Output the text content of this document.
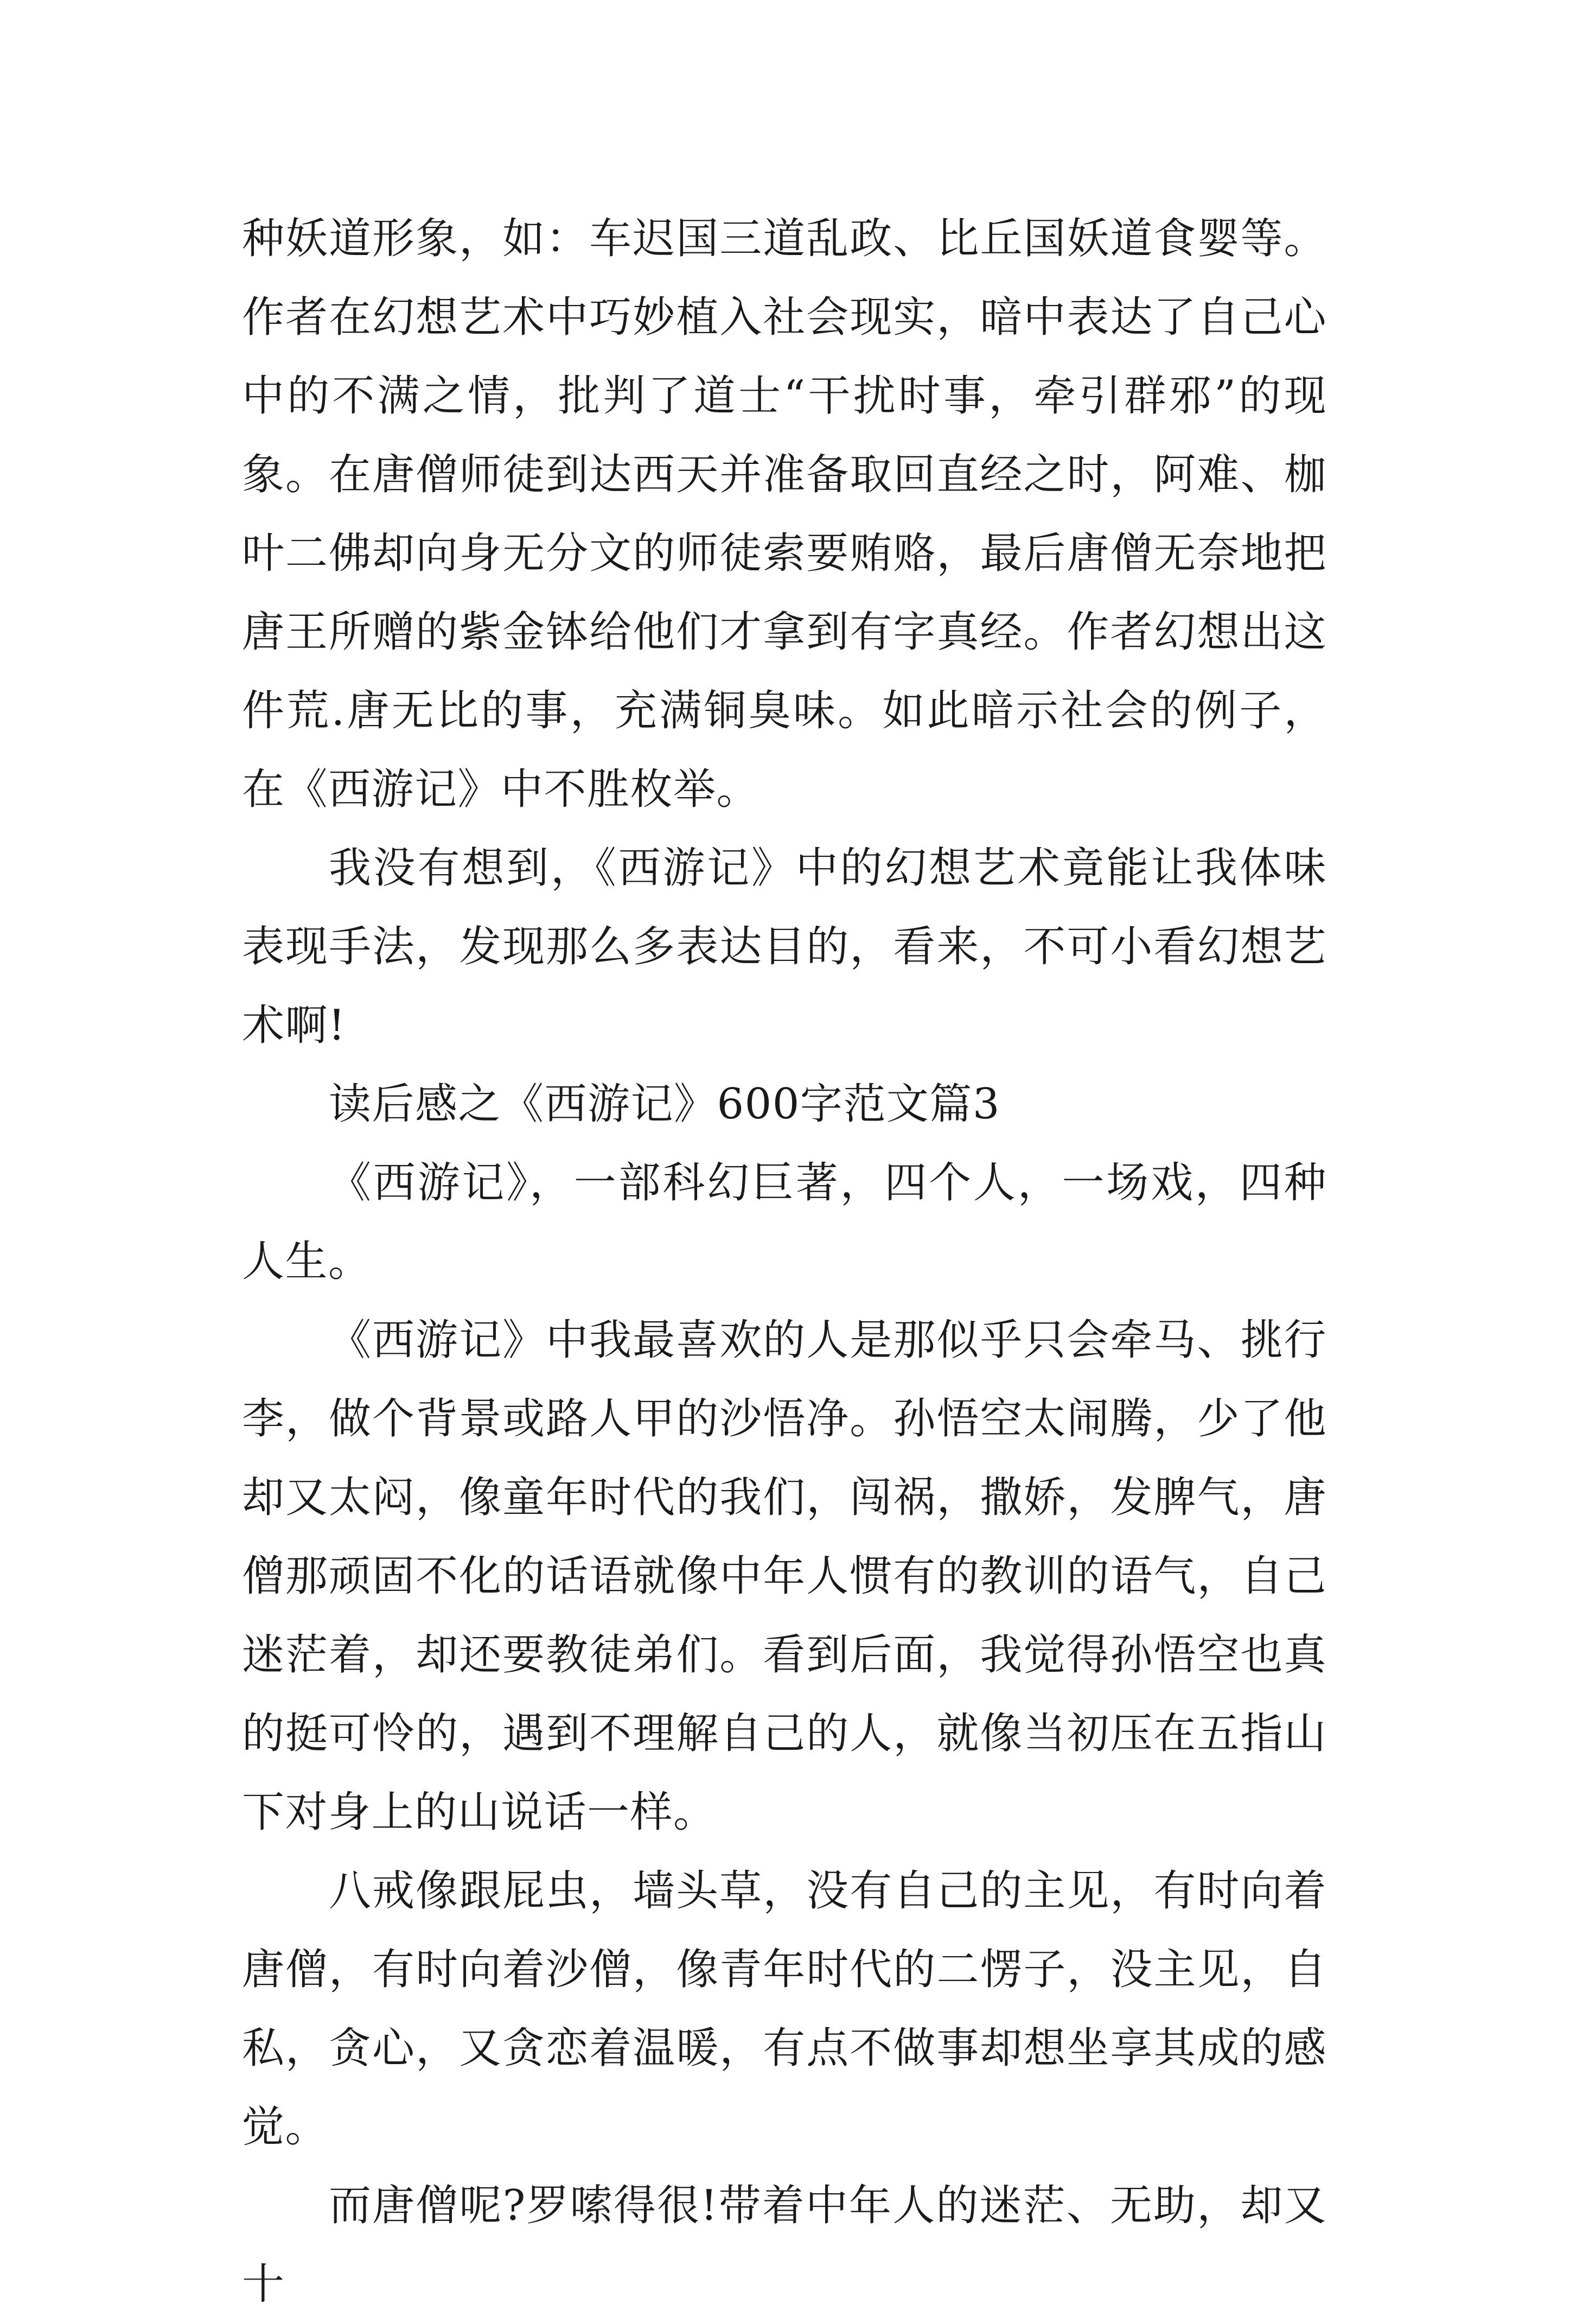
种妖道形象，如：车迟国三道乱政、比丘国妖道食婴等。作者在幻想艺术中巧妙植入社会现实，暗中表达了自己心中的不满之情，批判了道士“干扰时事，牵引群邪”的现象。在唐僧师徒到达西天并准备取回直经之时，阿难、枷叶二佛却向身无分文的师徒索要贿赂，最后唐僧无奈地把唐王所赠的紫金钵给他们才拿到有字真经。作者幻想出这件荒.唐无比的事，充满铜臭味。如此暗示社会的例子，在《西游记》中不胜枚举。

我没有想到，《西游记》中的幻想艺术竟能让我体味表现手法，发现那么多表达目的，看来，不可小看幻想艺术啊!

读后感之《西游记》600字范文篇3

《西游记》，一部科幻巨著，四个人，一场戏，四种人生。

《西游记》中我最喜欢的人是那似乎只会牵马、挑行李，做个背景或路人甲的沙悟净。孙悟空太闹腾，少了他却又太闷，像童年时代的我们，闯祸，撒娇，发脾气，唐僧那顽固不化的话语就像中年人惯有的教训的语气，自己迷茫着，却还要教徒弟们。看到后面，我觉得孙悟空也真的挺可怜的，遇到不理解自己的人，就像当初压在五指山下对身上的山说话一样。

八戒像跟屁虫，墙头草，没有自己的主见，有时向着唐僧，有时向着沙僧，像青年时代的二愣子，没主见，自私，贪心，又贪恋着温暖，有点不做事却想坐享其成的感觉。

而唐僧呢?罗嗦得很!带着中年人的迷茫、无助，却又十
